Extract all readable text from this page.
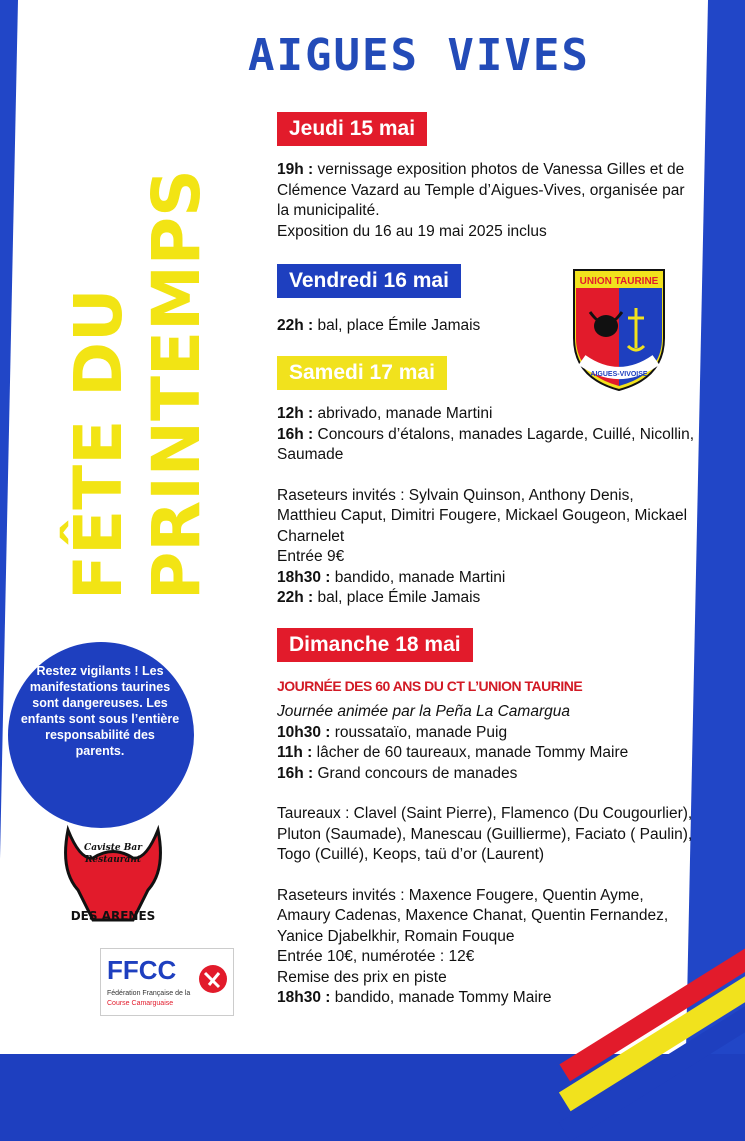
AIGUES VIVES
FÊTE DU PRINTEMPS
Jeudi 15 mai
19h : vernissage exposition photos de Vanessa Gilles et de Clémence Vazard au Temple d’Aigues-Vives, organisée par la municipalité.
Exposition du 16 au 19 mai 2025 inclus
Vendredi 16 mai
22h : bal, place Émile Jamais
Samedi 17 mai
12h : abrivado, manade Martini
16h : Concours d’étalons, manades Lagarde, Cuillé, Nicollin, Saumade
Raseteurs invités : Sylvain Quinson, Anthony Denis, Matthieu Caput, Dimitri Fougere, Mickael Gougeon, Mickael Charnelet
Entrée 9€
18h30 : bandido, manade Martini
22h : bal, place Émile Jamais
Dimanche 18 mai
JOURNÉE DES 60 ANS DU CT L’UNION TAURINE
Journée animée par la Peña La Camargua
10h30 : roussataïo, manade Puig
11h : lâcher de 60 taureaux, manade Tommy Maire
16h : Grand concours de manades
Taureaux : Clavel (Saint Pierre), Flamenco (Du Cougourlier), Pluton (Saumade), Manescau (Guillierme), Faciato ( Paulin), Togo (Cuillé), Keops, taü d’or (Laurent)
Raseteurs invités : Maxence Fougere, Quentin Ayme, Amaury Cadenas, Maxence Chanat, Quentin Fernandez, Yanice Djabelkhir, Romain Fouque
Entrée 10€, numérotée : 12€
Remise des prix en piste
18h30 : bandido, manade Tommy Maire
Restez vigilants ! Les manifestations taurines sont dangereuses. Les enfants sont sous l’entière responsabilité des parents.
UNION TAURINE
AIGUES-VIVOISE
Caviste Bar
Restaurant
DES ARENES
FFCC
Fédération Française de la
Course Camarguaise
